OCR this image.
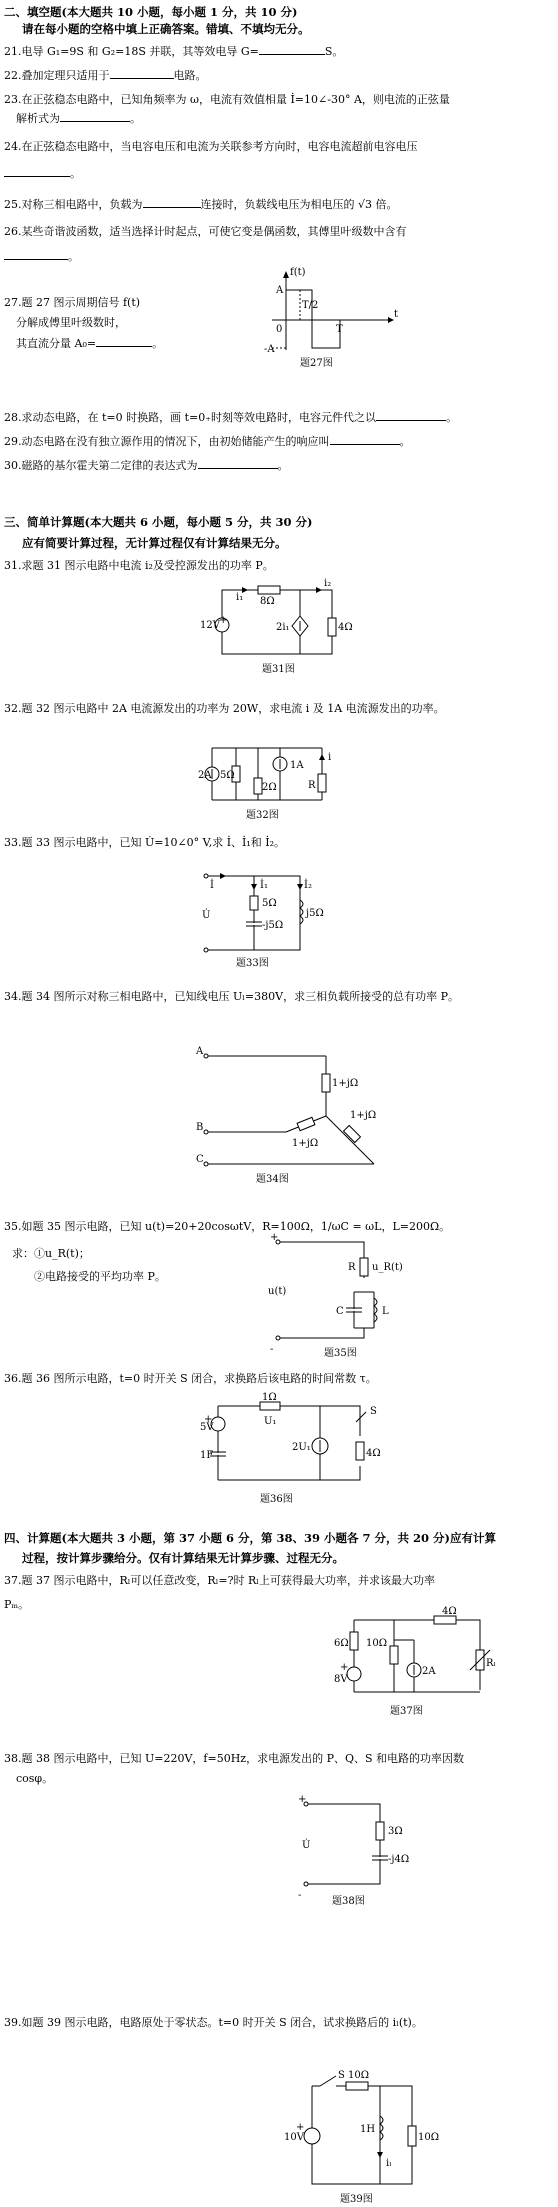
二、填空题(本大题共 10 小题，每小题 1 分，共 10 分)
请在每小题的空格中填上正确答案。错填、不填均无分。
21.电导 G₁=9S 和 G₂=18S 并联，其等效电导 G=	S。
22.叠加定理只适用于	电路。
23.在正弦稳态电路中，已知角频率为 ω，电流有效值相量 İ=10∠-30° A，则电流的正弦量
解析式为	。
24.在正弦稳态电路中，当电容电压和电流为关联参考方向时，电容电流超前电容电压
。
25.对称三相电路中，负载为	连接时，负载线电压为相电压的 √3 倍。
26.某些奇谐波函数，适当选择计时起点，可使它变是偶函数，其傅里叶级数中含有
。
27.题 27 图示周期信号 f(t)
分解成傅里叶级数时，
其直流分量 A₀=	。
f(t)
A
-A
0
T/2
T
t
题27图
28.求动态电路，在 t=0 时换路，画 t=0₊时刻等效电路时，电容元件代之以	。
29.动态电路在没有独立源作用的情况下，由初始储能产生的响应叫	。
30.磁路的基尔霍夫第二定律的表达式为	。
三、简单计算题(本大题共 6 小题，每小题 5 分，共 30 分)
应有简要计算过程，无计算过程仅有计算结果无分。
31.求题 31 图示电路中电流 i₂及受控源发出的功率 P。
+
i₁
i₂
8Ω
12V	2i₁	4Ω
题31图
32.题 32 图示电路中 2A 电流源发出的功率为 20W，求电流 i 及 1A 电流源发出的功率。
2A 5Ω
2Ω
1A
R
i
题32图
33.题 33 图示电路中，已知 U̇=10∠0° V,求 İ、İ₁和 İ₂。
İ	İ₁	İ₂
U̇
5Ω
-j5Ω
j5Ω
题33图
34.题 34 图所示对称三相电路中，已知线电压 Uₗ=380V，求三相负载所接受的总有功率 P。
A
B
C
1+jΩ
1+jΩ
1+jΩ
题34图
35.如题 35 图示电路，已知 u(t)=20+20cosωtV，R=100Ω，1/ωC = ωL，L=200Ω。
求：①u_R(t)；
②电路接受的平均功率 P。
+
-
u(t)
R u_R(t)
C	L
题35图
36.题 36 图所示电路，t=0 时开关 S 闭合，求换路后该电路的时间常数 τ。
+
5V
1F
1Ω
U₁
2U₁
S
4Ω
题36图
四、计算题(本大题共 3 小题，第 37 小题 6 分，第 38、39 小题各 7 分，共 20 分)应有计算
过程，按计算步骤给分。仅有计算结果无计算步骤、过程无分。
37.题 37 图示电路中，Rₗ可以任意改变，Rₗ=?时 Rₗ上可获得最大功率，并求该最大功率
Pₘ。
+
4Ω
6Ω 10Ω
8V
2A
Rₗ
题37图
38.题 38 图示电路中，已知 U=220V，f=50Hz，求电源发出的 P、Q、S 和电路的功率因数
cosφ。
+
-
U̇
3Ω
-j4Ω
题38图
39.如题 39 图示电路，电路原处于零状态。t=0 时开关 S 闭合，试求换路后的 iₗ(t)。
+
S 10Ω
10V
1H
10Ω
iₗ
题39图
